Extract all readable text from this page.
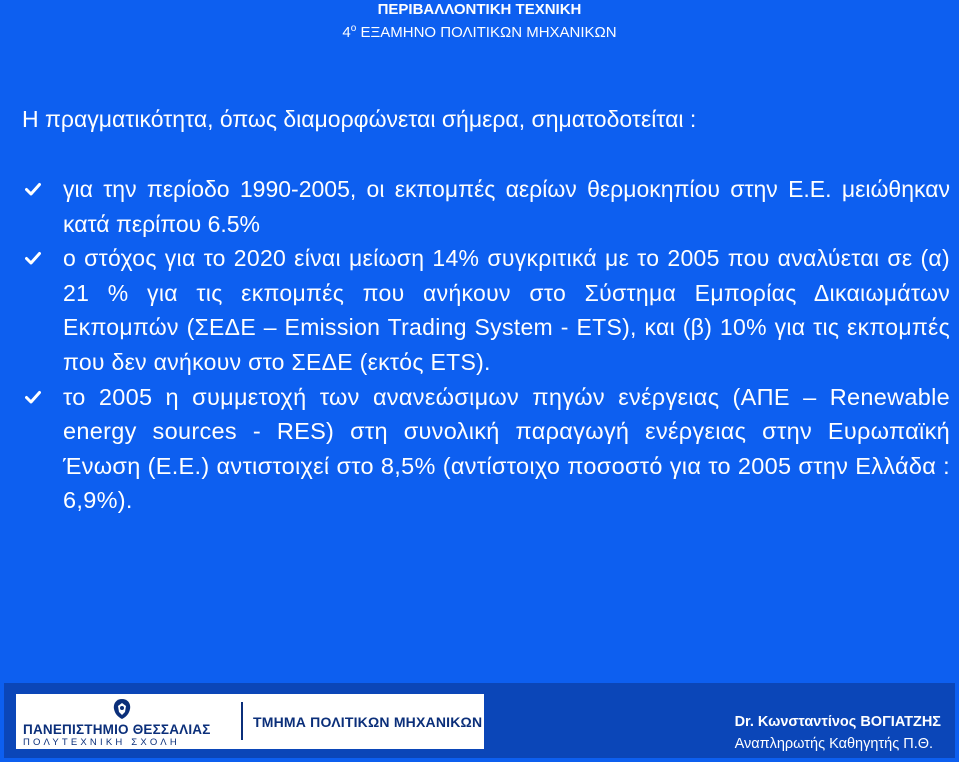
ΠΕΡΙΒΑΛΛΟΝΤΙΚΗ ΤΕΧΝΙΚΗ
$4^o$ ΕΞΑΜΗΝΟ ΠΟΛΙΤΙΚΩΝ ΜΗΧΑΝΙΚΩΝ
Η πραγματικότητα, όπως διαμορφώνεται σήμερα, σηματοδοτείται :
για την περίοδο 1990-2005, οι εκπομπές αερίων θερμοκηπίου στην Ε.Ε. μειώθηκαν κατά περίπου 6.5%
ο στόχος για το 2020 είναι μείωση 14% συγκριτικά με το 2005 που αναλύεται σε (α) 21 % για τις εκπομπές που ανήκουν στο Σύστημα Εμπορίας Δικαιωμάτων Εκπομπών (ΣΕΔΕ – Emission Trading System - ETS), και (β) 10% για τις εκπομπές που δεν ανήκουν στο ΣΕΔΕ (εκτός ETS).
το 2005 η συμμετοχή των ανανεώσιμων πηγών ενέργειας (ΑΠΕ – Renewable energy sources - RES) στη συνολική παραγωγή ενέργειας στην Ευρωπαϊκή Ένωση (Ε.Ε.) αντιστοιχεί στο 8,5% (αντίστοιχο ποσοστό για το 2005 στην Ελλάδα : 6,9%).
ΠΑΝΕΠΙΣΤΗΜΙΟ ΘΕΣΣΑΛΙΑΣ
ΠΟΛΥΤΕΧΝΙΚΗ ΣΧΟΛΗ
ΤΜΗΜΑ ΠΟΛΙΤΙΚΩΝ ΜΗΧΑΝΙΚΩΝ	Dr. Κωνσταντίνος ΒΟΓΙΑΤΖΗΣ
Αναπληρωτής Καθηγητής Π.Θ.
